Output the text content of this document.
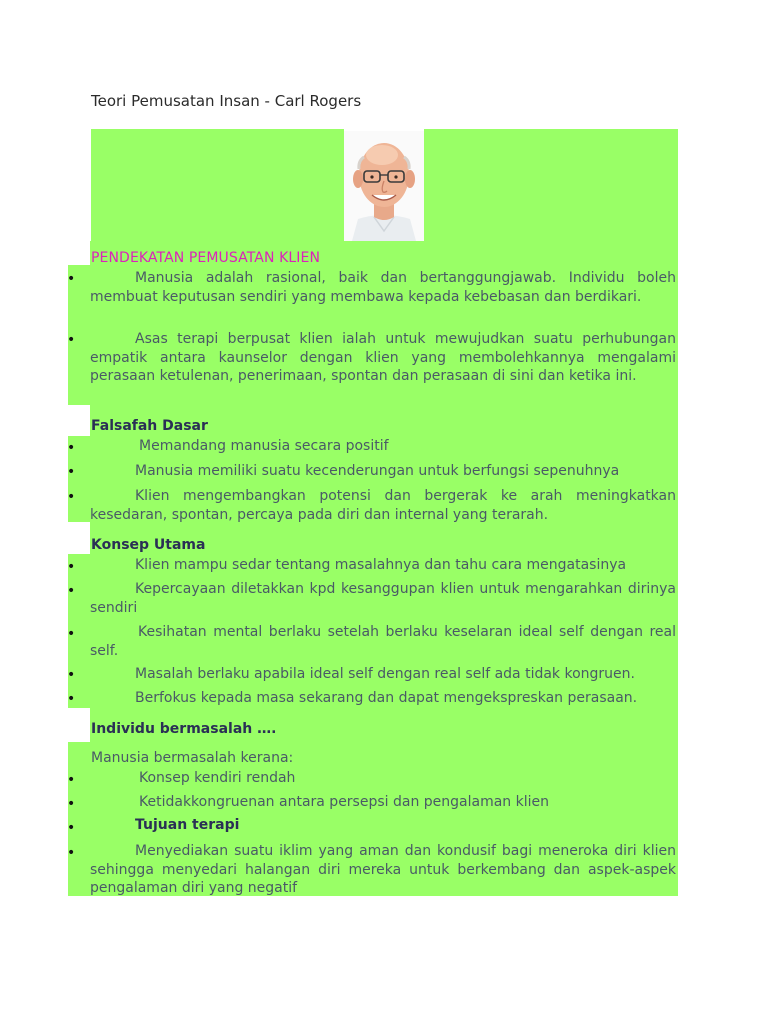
Teori Pemusatan Insan - Carl Rogers
PENDEKATAN PEMUSATAN KLIEN
•	Manusia adalah rasional, baik dan bertanggungjawab. Individu boleh membuat keputusan sendiri yang membawa kepada kebebasan dan berdikari.

•	Asas terapi berpusat klien ialah untuk mewujudkan suatu perhubungan empatik antara kaunselor dengan klien yang membolehkannya mengalami perasaan ketulenan, penerimaan, spontan dan perasaan di sini dan ketika ini.

Falsafah Dasar
•	Memandang manusia secara positif

•	Manusia memiliki suatu kecenderungan untuk berfungsi sepenuhnya

•	Klien mengembangkan potensi dan bergerak ke arah meningkatkan kesedaran, spontan, percaya pada diri dan internal yang terarah.

Konsep Utama
•	Klien mampu sedar tentang masalahnya dan tahu cara mengatasinya

•	Kepercayaan diletakkan kpd kesanggupan klien untuk mengarahkan dirinya sendiri

•	Kesihatan mental berlaku setelah berlaku keselaran ideal self dengan real self.

•	Masalah berlaku apabila ideal self dengan real self ada tidak kongruen.

•	Berfokus kepada masa sekarang dan dapat mengekspreskan perasaan.

Individu bermasalah ….

Manusia bermasalah kerana:

•	Konsep kendiri rendah

•	Ketidakkongruenan antara persepsi dan pengalaman klien

•	Tujuan terapi
•	Menyediakan suatu iklim yang aman dan kondusif bagi meneroka diri klien sehingga menyedari halangan diri mereka untuk berkembang dan aspek-aspek pengalaman diri yang negatif
